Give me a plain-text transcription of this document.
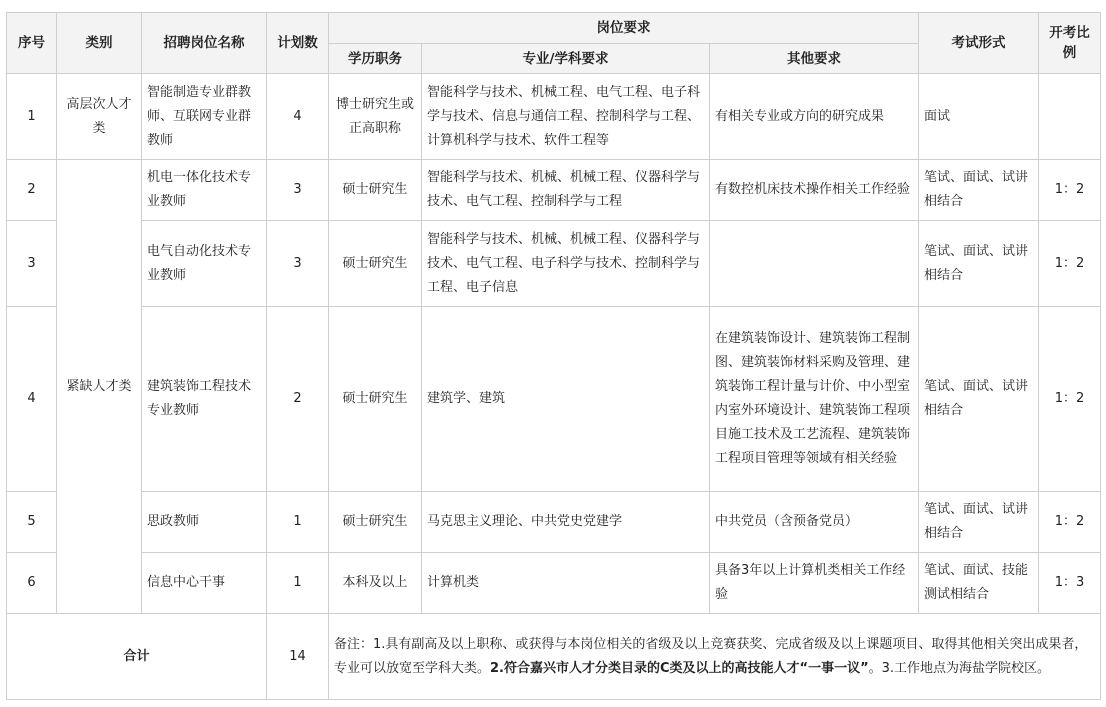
序号	类别	招聘岗位名称	计划数	岗位要求			考试形式	开考比例
				学历职务	专业/学科要求	其他要求		
1	高层次人才类	智能制造专业群教师、互联网专业群教师	4	博士研究生或正高职称	智能科学与技术、机械工程、电气工程、电子科学与技术、信息与通信工程、控制科学与工程、计算机科学与技术、软件工程等	有相关专业或方向的研究成果	面试	
2	紧缺人才类	机电一体化技术专业教师	3	硕士研究生	智能科学与技术、机械、机械工程、仪器科学与技术、电气工程、控制科学与工程	有数控机床技术操作相关工作经验	笔试、面试、试讲相结合	1：2
3		电气自动化技术专业教师	3	硕士研究生	智能科学与技术、机械、机械工程、仪器科学与技术、电气工程、电子科学与技术、控制科学与工程、电子信息		笔试、面试、试讲相结合	1：2
4		建筑装饰工程技术专业教师	2	硕士研究生	建筑学、建筑	在建筑装饰设计、建筑装饰工程制图、建筑装饰材料采购及管理、建筑装饰工程计量与计价、中小型室内室外环境设计、建筑装饰工程项目施工技术及工艺流程、建筑装饰工程项目管理等领域有相关经验	笔试、面试、试讲相结合	1：2
5		思政教师	1	硕士研究生	马克思主义理论、中共党史党建学	中共党员（含预备党员）	笔试、面试、试讲相结合	1：2
6		信息中心干事	1	本科及以上	计算机类	具备3年以上计算机类相关工作经验	笔试、面试、技能测试相结合	1：3
合计			14	备注：1.具有副高及以上职称、或获得与本岗位相关的省级及以上竞赛获奖、完成省级及以上课题项目、取得其他相关突出成果者，专业可以放宽至学科大类。2.符合嘉兴市人才分类目录的C类及以上的高技能人才“一事一议”。3.工作地点为海盐学院校区。				
